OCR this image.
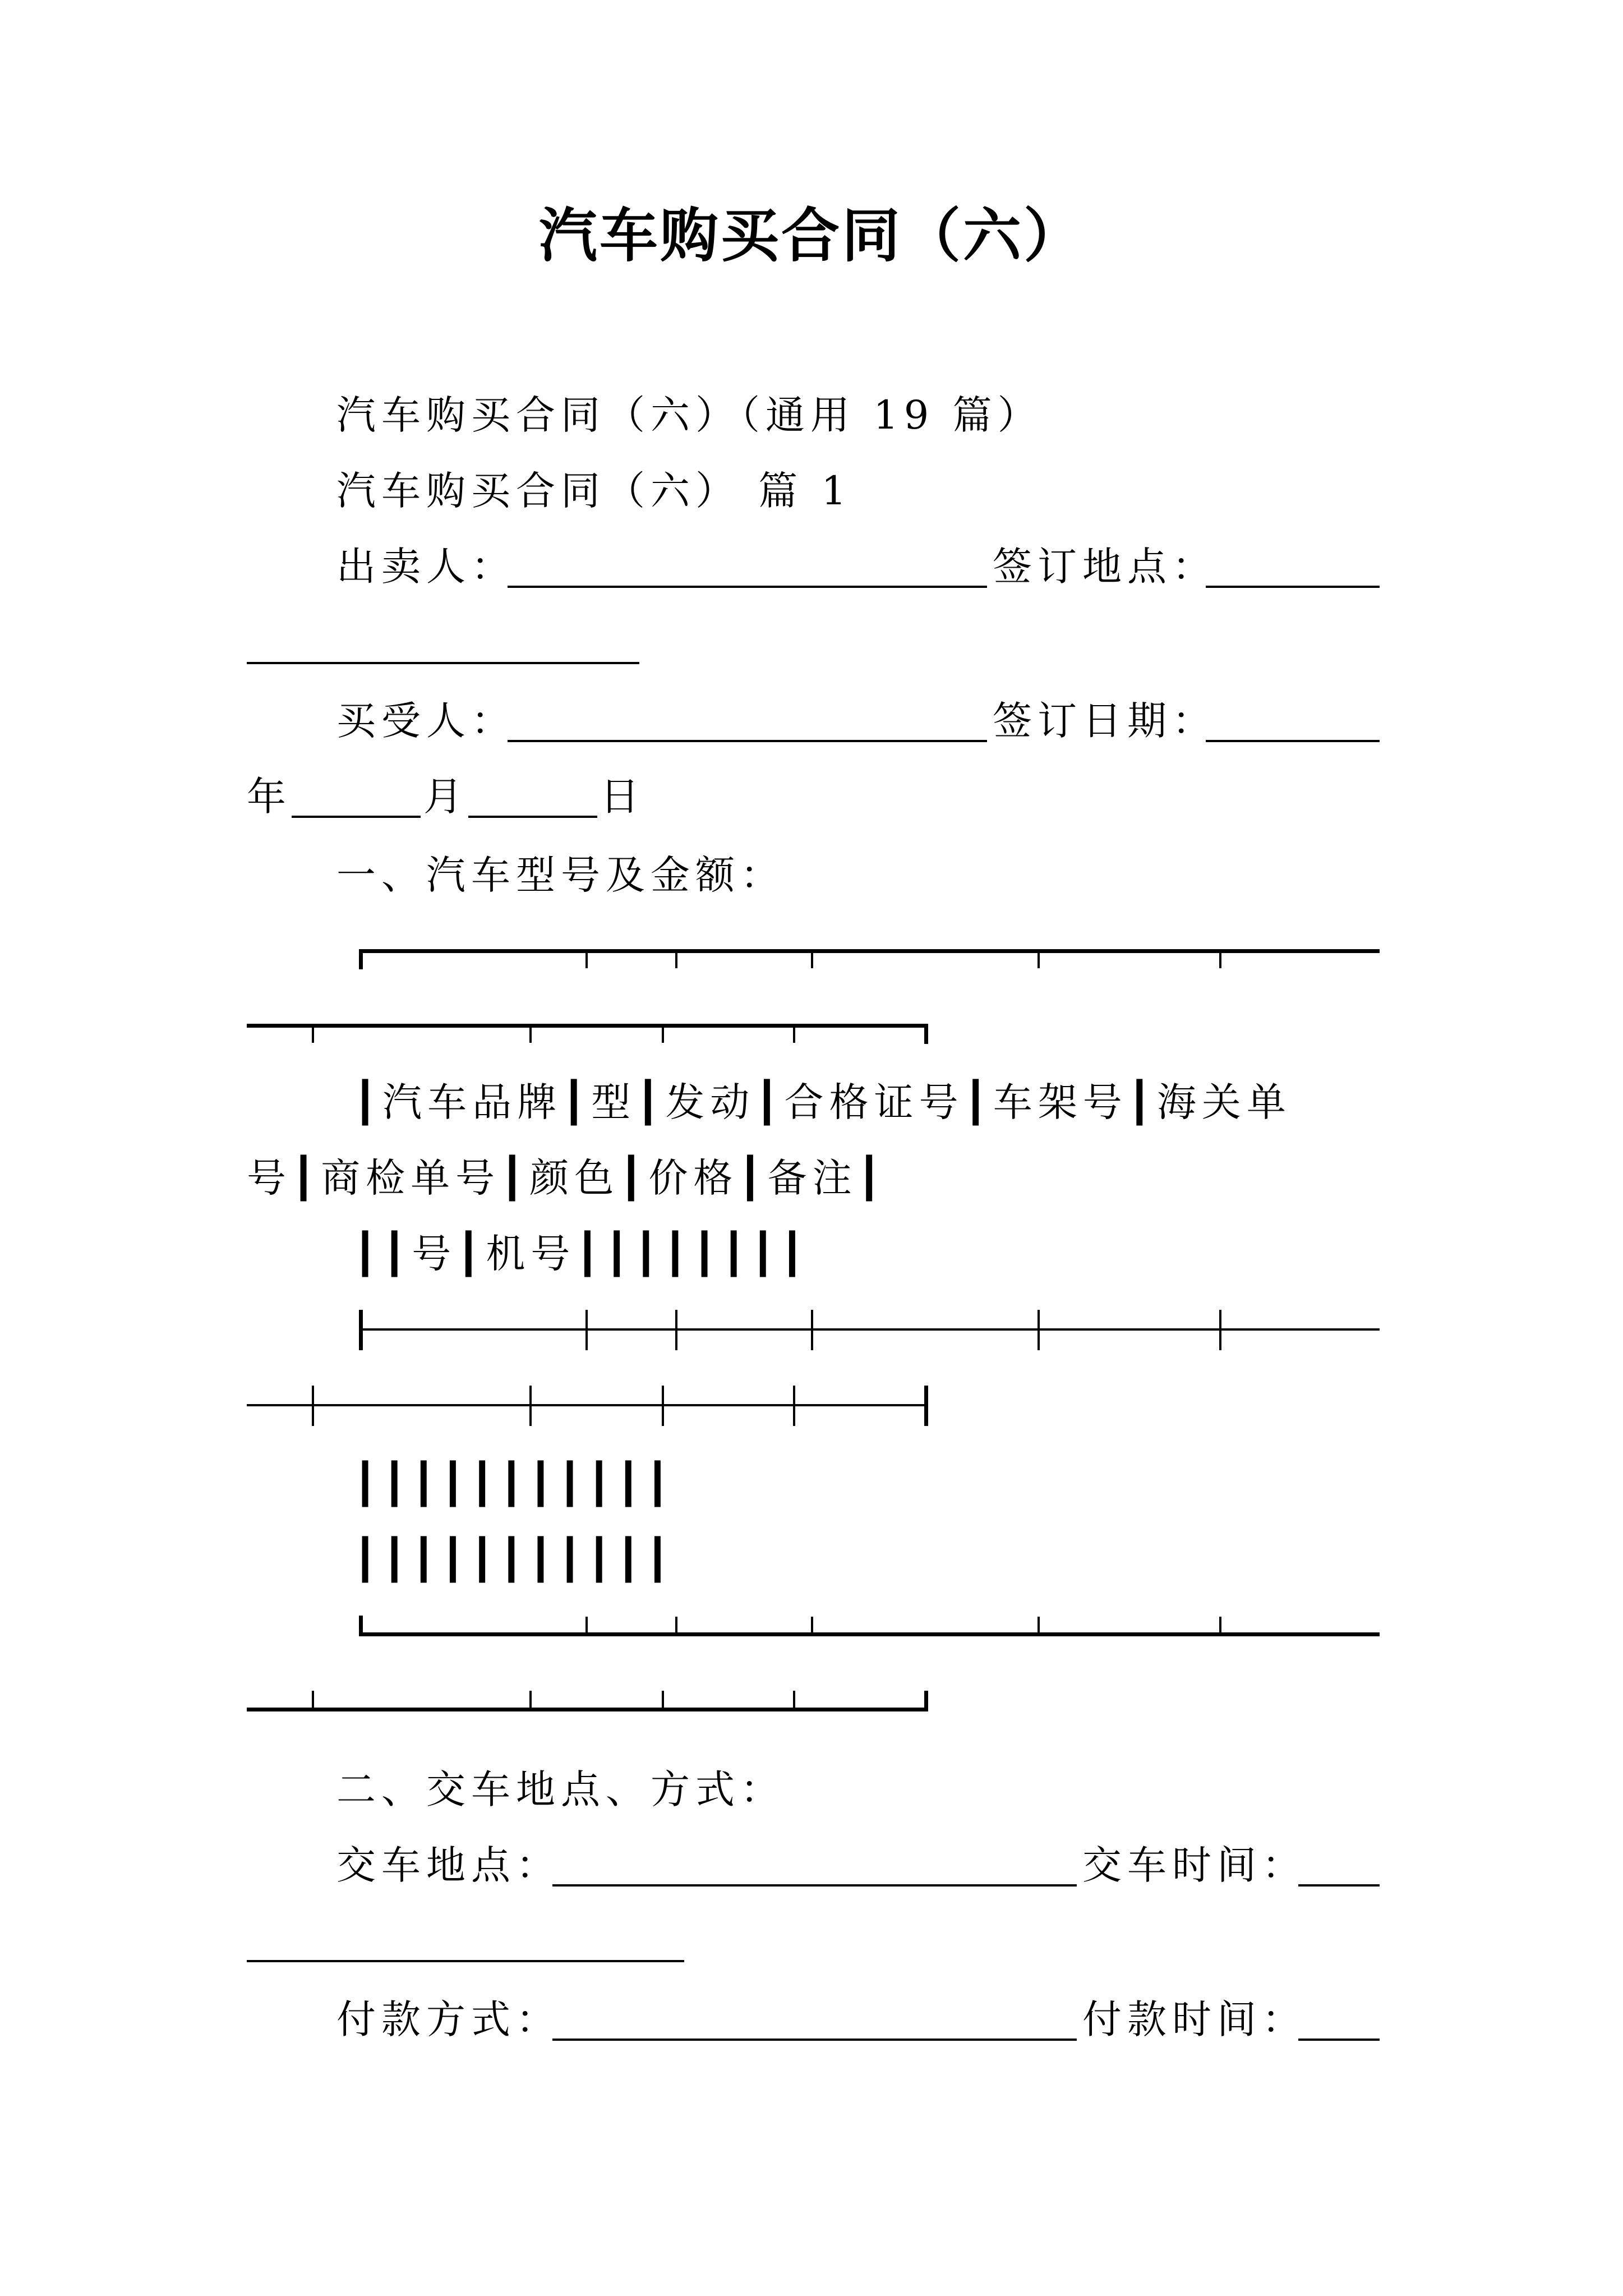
汽车购买合同（六）
汽车购买合同（六）（通用 19 篇）
汽车购买合同（六） 篇 1
出卖人：	签订地点：
买受人：	签订日期：
年	月	日
一、汽车型号及金额：
┃汽车品牌┃型┃发动┃合格证号┃车架号┃海关单
号┃商检单号┃颜色┃价格┃备注┃
┃┃号┃机号┃┃┃┃┃┃┃┃
┃┃┃┃┃┃┃┃┃┃┃
┃┃┃┃┃┃┃┃┃┃┃
二、交车地点、方式：
交车地点：	交车时间：
付款方式：	付款时间：
